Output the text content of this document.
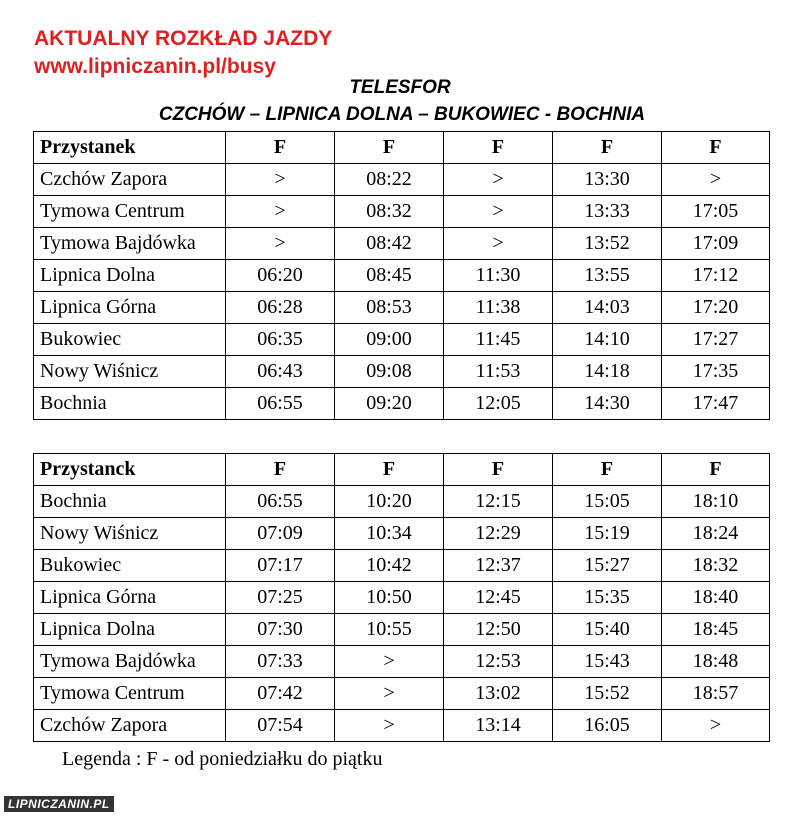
AKTUALNY ROZKŁAD JAZDY

www.lipniczanin.pl/busy

TELESFOR

CZCHÓW – LIPNICA DOLNA – BUKOWIEC - BOCHNIA

Przystanek	F	F	F	F	F
Czchów Zapora	>	08:22	>	13:30	>
Tymowa Centrum	>	08:32	>	13:33	17:05
Tymowa Bajdówka	>	08:42	>	13:52	17:09
Lipnica Dolna	06:20	08:45	11:30	13:55	17:12
Lipnica Górna	06:28	08:53	11:38	14:03	17:20
Bukowiec	06:35	09:00	11:45	14:10	17:27
Nowy Wiśnicz	06:43	09:08	11:53	14:18	17:35
Bochnia	06:55	09:20	12:05	14:30	17:47
Przystanck	F	F	F	F	F
Bochnia	06:55	10:20	12:15	15:05	18:10
Nowy Wiśnicz	07:09	10:34	12:29	15:19	18:24
Bukowiec	07:17	10:42	12:37	15:27	18:32
Lipnica Górna	07:25	10:50	12:45	15:35	18:40
Lipnica Dolna	07:30	10:55	12:50	15:40	18:45
Tymowa Bajdówka	07:33	>	12:53	15:43	18:48
Tymowa Centrum	07:42	>	13:02	15:52	18:57
Czchów Zapora	07:54	>	13:14	16:05	>

Legenda : F - od poniedziałku do piątku

LIPNICZANIN.PL
